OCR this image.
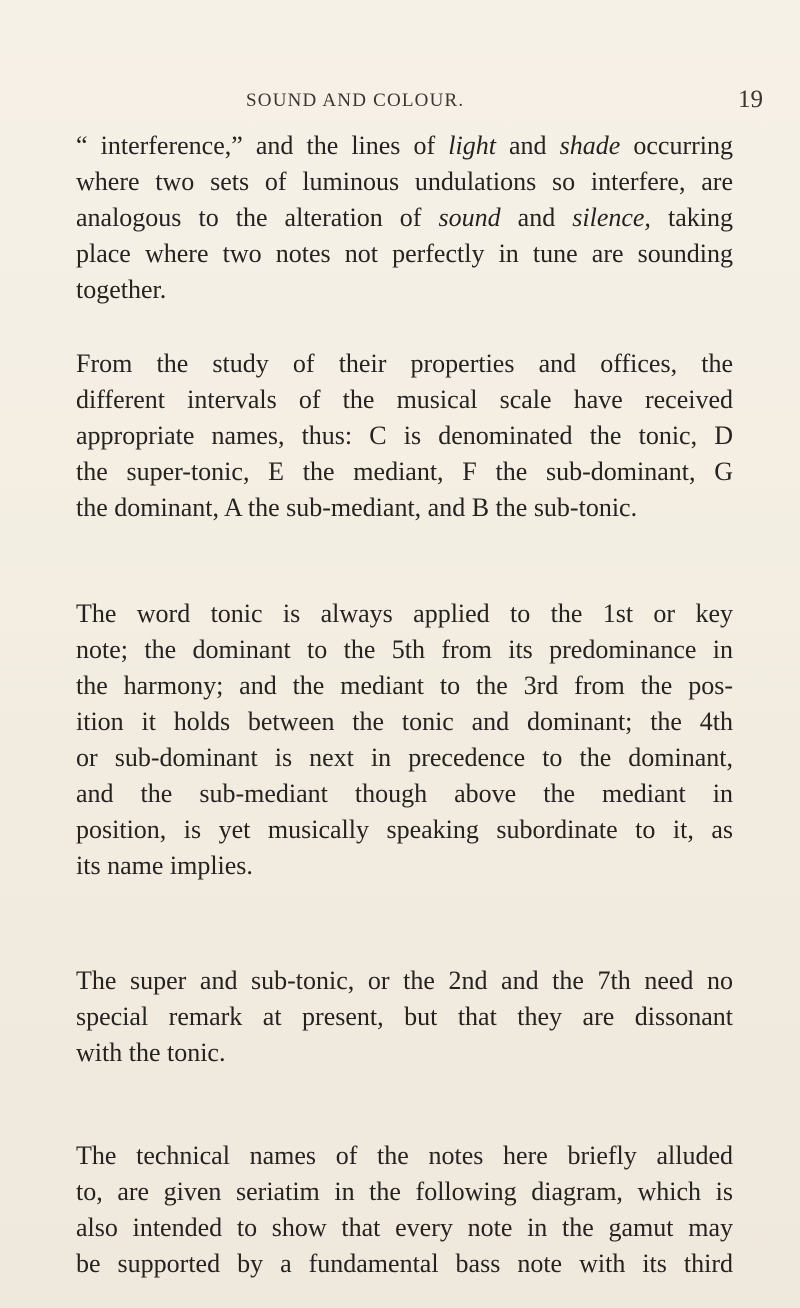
SOUND AND COLOUR.	19
“ interference,” and the lines of light and shade occurring
where two sets of luminous undulations so interfere, are
analogous to the alteration of sound and silence, taking
place where two notes not perfectly in tune are sounding
together.
From the study of their properties and offices, the
different intervals of the musical scale have received
appropriate names, thus: C is denominated the tonic, D
the super-tonic, E the mediant, F the sub-dominant, G
the dominant, A the sub-mediant, and B the sub-tonic.
The word tonic is always applied to the 1st or key
note; the dominant to the 5th from its predominance in
the harmony; and the mediant to the 3rd from the pos-
ition it holds between the tonic and dominant; the 4th
or sub-dominant is next in precedence to the dominant,
and the sub-mediant though above the mediant in
position, is yet musically speaking subordinate to it, as
its name implies.
The super and sub-tonic, or the 2nd and the 7th need no
special remark at present, but that they are dissonant
with the tonic.
The technical names of the notes here briefly alluded
to, are given seriatim in the following diagram, which is
also intended to show that every note in the gamut may
be supported by a fundamental bass note with its third
